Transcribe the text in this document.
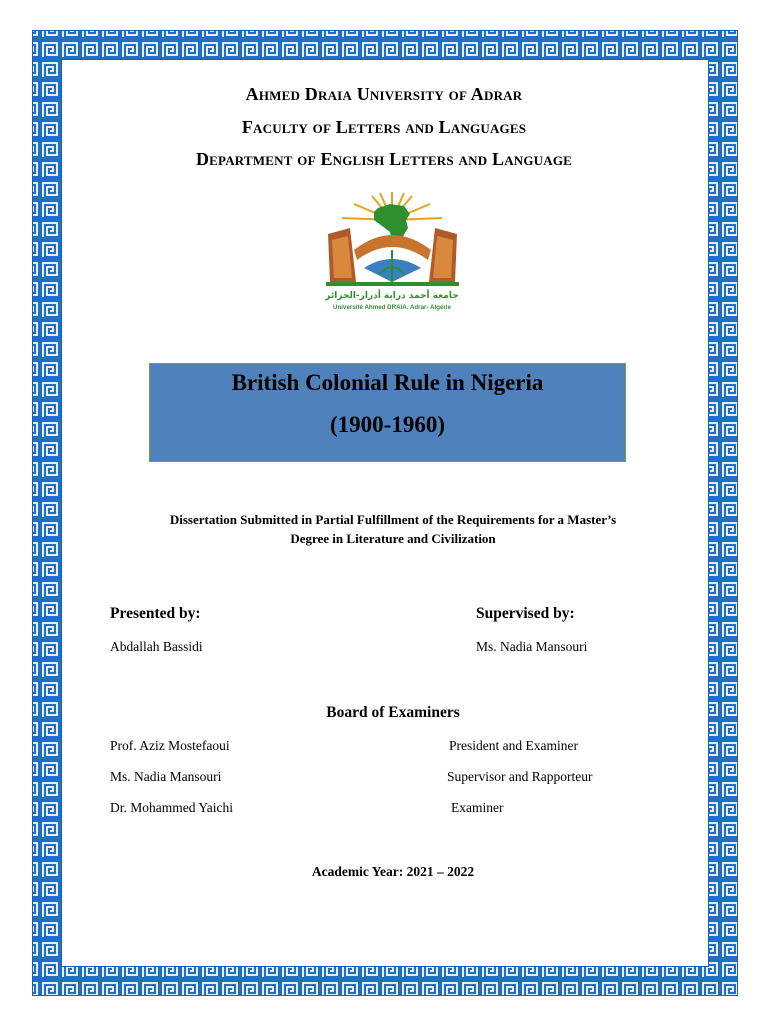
Ahmed Draia University of Adrar
Faculty of Letters and Languages
Department of English Letters and Language
جامعة أحمد دراية أدرار-الجزائر
Université Ahmed DRAIA. Adrar- Algérie
British Colonial Rule in Nigeria
(1900-1960)
Dissertation Submitted in Partial Fulfillment of the Requirements for a Master’s
Degree in Literature and Civilization
Presented by:	Supervised by:
Abdallah Bassidi	Ms. Nadia Mansouri
Board of Examiners
Prof. Aziz Mostefaoui	President and Examiner
Ms. Nadia Mansouri	Supervisor and Rapporteur
Dr. Mohammed Yaichi	Examiner
Academic Year: 2021 – 2022
